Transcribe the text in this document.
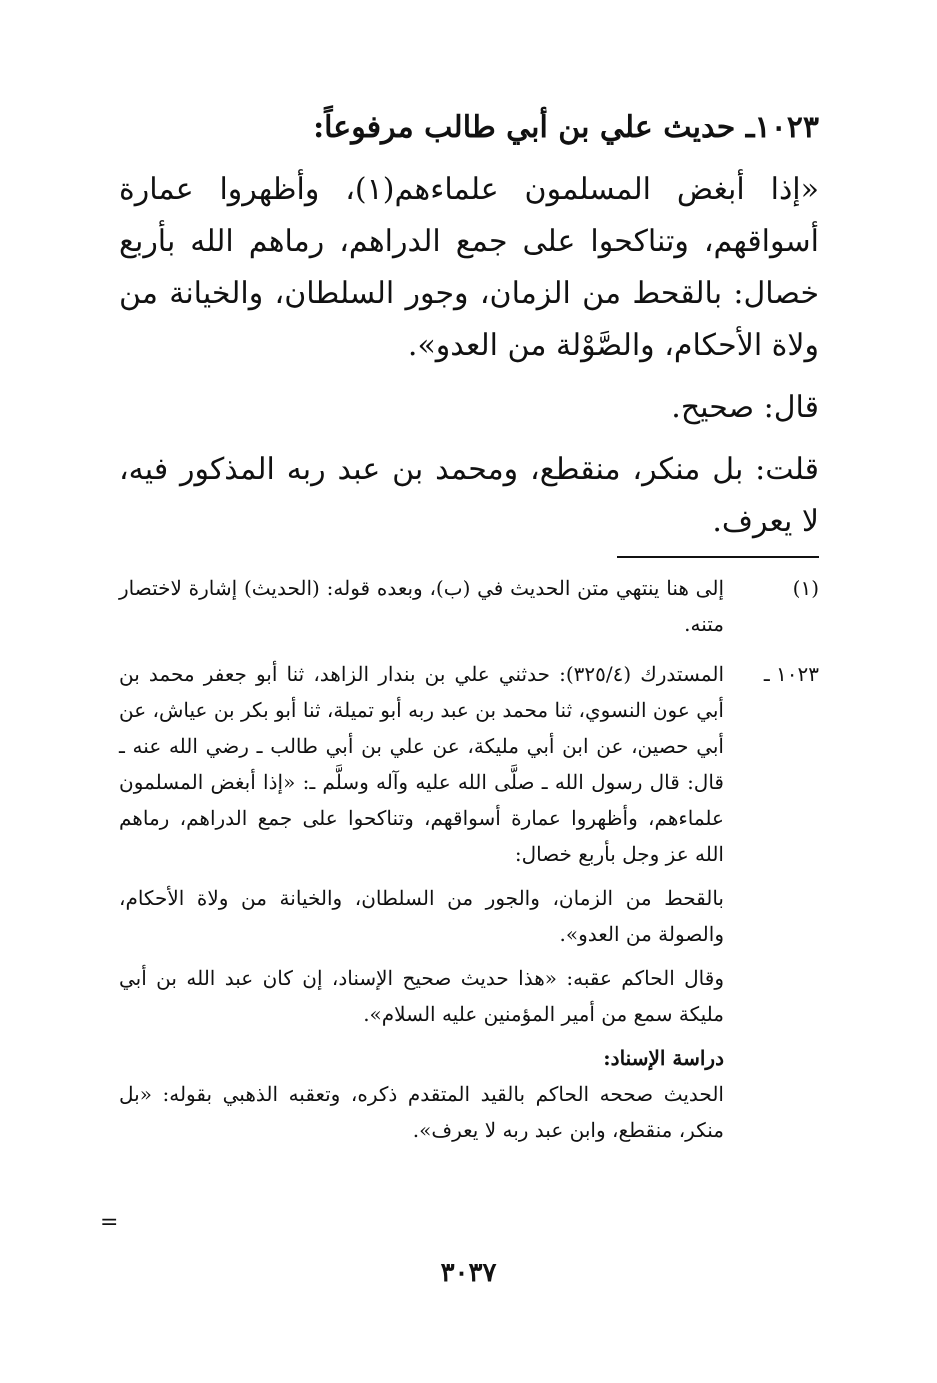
١٠٢٣ـ حديث علي بن أبي طالب مرفوعاً:

«إذا أبغض المسلمون علماءهم(١)، وأظهروا عمارة أسواقهم، وتناكحوا على جمع الدراهم، رماهم الله بأربع خصال: بالقحط من الزمان، وجور السلطان، والخيانة من ولاة الأحكام، والصَّوْلة من العدو».

قال: صحيح.

قلت: بل منكر، منقطع، ومحمد بن عبد ربه المذكور فيه، لا يعرف.

(١)

إلى هنا ينتهي متن الحديث في (ب)، وبعده قوله: (الحديث) إشارة لاختصار متنه.

١٠٢٣ ـ

المستدرك (٣٢٥/٤): حدثني علي بن بندار الزاهد، ثنا أبو جعفر محمد بن أبي عون النسوي، ثنا محمد بن عبد ربه أبو تميلة، ثنا أبو بكر بن عياش، عن أبي حصين، عن ابن أبي مليكة، عن علي بن أبي طالب ـ رضي الله عنه ـ قال: قال رسول الله ـ صلَّى الله عليه وآله وسلَّم ـ: «إذا أبغض المسلمون علماءهم، وأظهروا عمارة أسواقهم، وتناكحوا على جمع الدراهم، رماهم الله عز وجل بأربع خصال:

بالقحط من الزمان، والجور من السلطان، والخيانة من ولاة الأحكام، والصولة من العدو».

وقال الحاكم عقبه: «هذا حديث صحيح الإسناد، إن كان عبد الله بن أبي مليكة سمع من أمير المؤمنين عليه السلام».

دراسة الإسناد:

الحديث صححه الحاكم بالقيد المتقدم ذكره، وتعقبه الذهبي بقوله: «بل منكر، منقطع، وابن عبد ربه لا يعرف».

=
٣٠٣٧
